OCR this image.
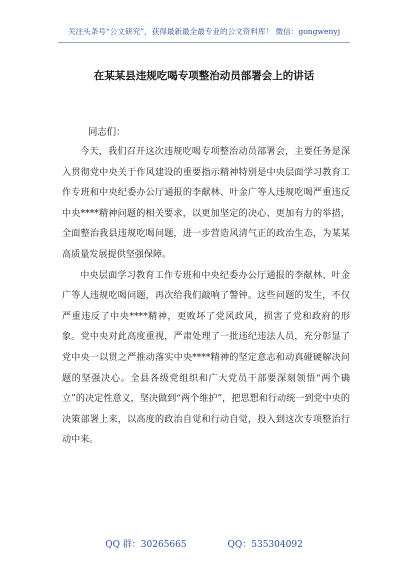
关注头条号“公文研究”，获得最新最全最专业的公文资料库！ 微信：gongwenyj
在某某县违规吃喝专项整治动员部署会上的讲话
同志们：

今天，我们召开这次违规吃喝专项整治动员部署会，主要任务是深入贯彻党中央关于作风建设的重要指示精神特别是中央层面学习教育工作专班和中央纪委办公厅通报的李献林、叶金广等人违规吃喝严重违反中央****精神问题的相关要求，以更加坚定的决心、更加有力的举措，全面整治我县违规吃喝问题，进一步营造风清气正的政治生态，为某某高质量发展提供坚强保障。

中央层面学习教育工作专班和中央纪委办公厅通报的李献林、叶金广等人违规吃喝问题，再次给我们敲响了警钟。这些问题的发生，不仅严重违反了中央****精神，更败坏了党风政风，损害了党和政府的形象。党中央对此高度重视，严肃处理了一批违纪违法人员，充分彰显了党中央一以贯之严推动落实中央****精神的坚定意志和动真碰硬解决问题的坚强决心。全县各级党组织和广大党员干部要深刻领悟“两个确立”的决定性意义，坚决做到“两个维护”，把思想和行动统一到党中央的决策部署上来，以高度的政治自觉和行动自觉，投入到这次专项整治行动中来。

QQ 群：30265665	QQ：535304092
